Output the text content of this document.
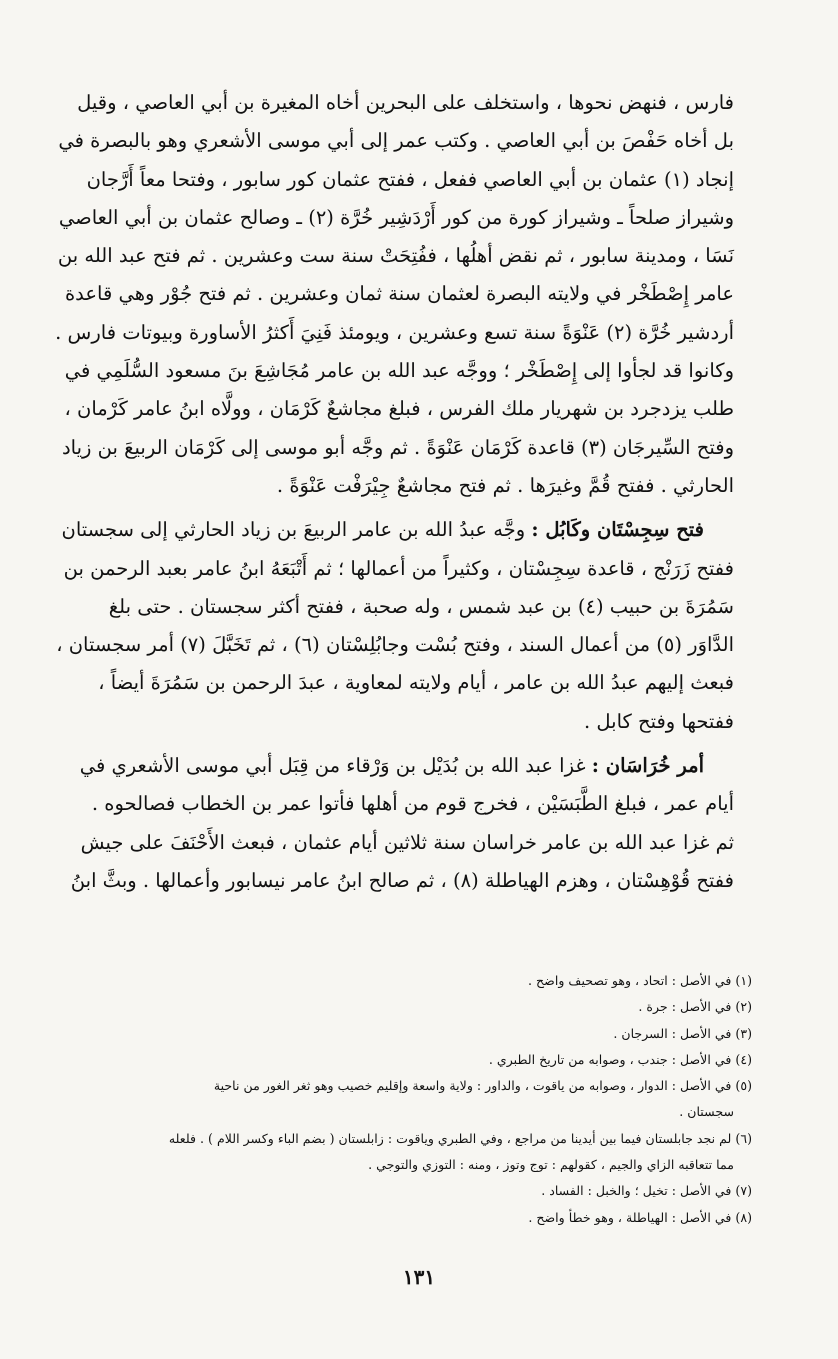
فارس ، فنهض نحوها ، واستخلف على البحرين أخاه المغيرة بن أبي العاصي ، وقيل
بل أخاه حَفْصَ بن أبي العاصي . وكتب عمر إلى أبي موسى الأشعري وهو بالبصرة في
إنجاد (١) عثمان بن أبي العاصي ففعل ، ففتح عثمان كور سابور ، وفتحا معاً أَرَّجان
وشيراز صلحاً ـ وشيراز كورة من كور أَرْدَشِير خُرَّة (٢) ـ وصالح عثمان بن أبي العاصي
نَسَا ، ومدينة سابور ، ثم نقض أهلُها ، ففُتِحَتْ سنة ست وعشرين . ثم فتح عبد الله بن
عامر إِصْطَخْر في ولايته البصرة لعثمان سنة ثمان وعشرين . ثم فتح جُوْر وهي قاعدة
أردشير خُرَّة (٢) عَنْوَةً سنة تسع وعشرين ، ويومئذ فَنِيَ أَكثرُ الأساورة وبيوتات فارس .
وكانوا قد لجأوا إلى إِصْطَخْر ؛ ووجَّه عبد الله بن عامر مُجَاشِعَ بنَ مسعود السُّلَمِي في
طلب يزدجرد بن شهريار ملك الفرس ، فبلغ مجاشعٌ كَرْمَان ، وولَّاه ابنُ عامر كَرْمان ،
وفتح السِّيرجَان (٣) قاعدة كَرْمَان عَنْوَةً . ثم وجَّه أبو موسى إلى كَرْمَان الربيعَ بن زياد
الحارثي . ففتح قُمَّ وغيرَها . ثم فتح مجاشعٌ جِيْرَفْت عَنْوَةً .
فتح سِجِسْتَان وكَابُل : وجَّه عبدُ الله بن عامر الربيعَ بن زياد الحارثي إلى سجستان
ففتح زَرَنْج ، قاعدة سِجِسْتان ، وكثيراً من أعمالها ؛ ثم أَتْبَعَهُ ابنُ عامر بعبد الرحمن بن
سَمُرَةَ بن حبيب (٤) بن عبد شمس ، وله صحبة ، ففتح أكثر سجستان . حتى بلغ
الدَّاوَر (٥) من أعمال السند ، وفتح بُسْت وجابُلِسْتان (٦) ، ثم تَخَبَّلَ (٧) أمر سجستان ،
فبعث إليهم عبدُ الله بن عامر ، أيام ولايته لمعاوية ، عبدَ الرحمن بن سَمُرَةَ أيضاً ،
ففتحها وفتح كابل .
أمر خُرَاسَان : غزا عبد الله بن بُدَيْل بن وَرْقاء من قِبَل أبي موسى الأشعري في
أيام عمر ، فبلغ الطَّبَسَيْن ، فخرج قوم من أهلها فأتوا عمر بن الخطاب فصالحوه .
ثم غزا عبد الله بن عامر خراسان سنة ثلاثين أيام عثمان ، فبعث الأَحْنَفَ على جيش
ففتح قُوْهِسْتان ، وهزم الهياطلة (٨) ، ثم صالح ابنُ عامر نيسابور وأعمالها . وبثَّ ابنُ
(١) في الأصل : اتحاد ، وهو تصحيف واضح .
(٢) في الأصل : جرة .
(٣) في الأصل : السرجان .
(٤) في الأصل : جندب ، وصوابه من تاريخ الطبري .
(٥) في الأصل : الدوار ، وصوابه من ياقوت ، والداور : ولاية واسعة وإقليم خصيب وهو ثغر الغور من ناحية
سجستان .
(٦) لم نجد جابلستان فيما بين أيدينا من مراجع ، وفي الطبري وياقوت : زابلستان ( بضم الباء وكسر اللام ) . فلعله
مما تتعاقبه الزاي والجيم ، كقولهم : توج وتوز ، ومنه : التوزي والتوجي .
(٧) في الأصل : تخيل ؛ والخبل : الفساد .
(٨) في الأصل : الهياطلة ، وهو خطأ واضح .
١٣١
